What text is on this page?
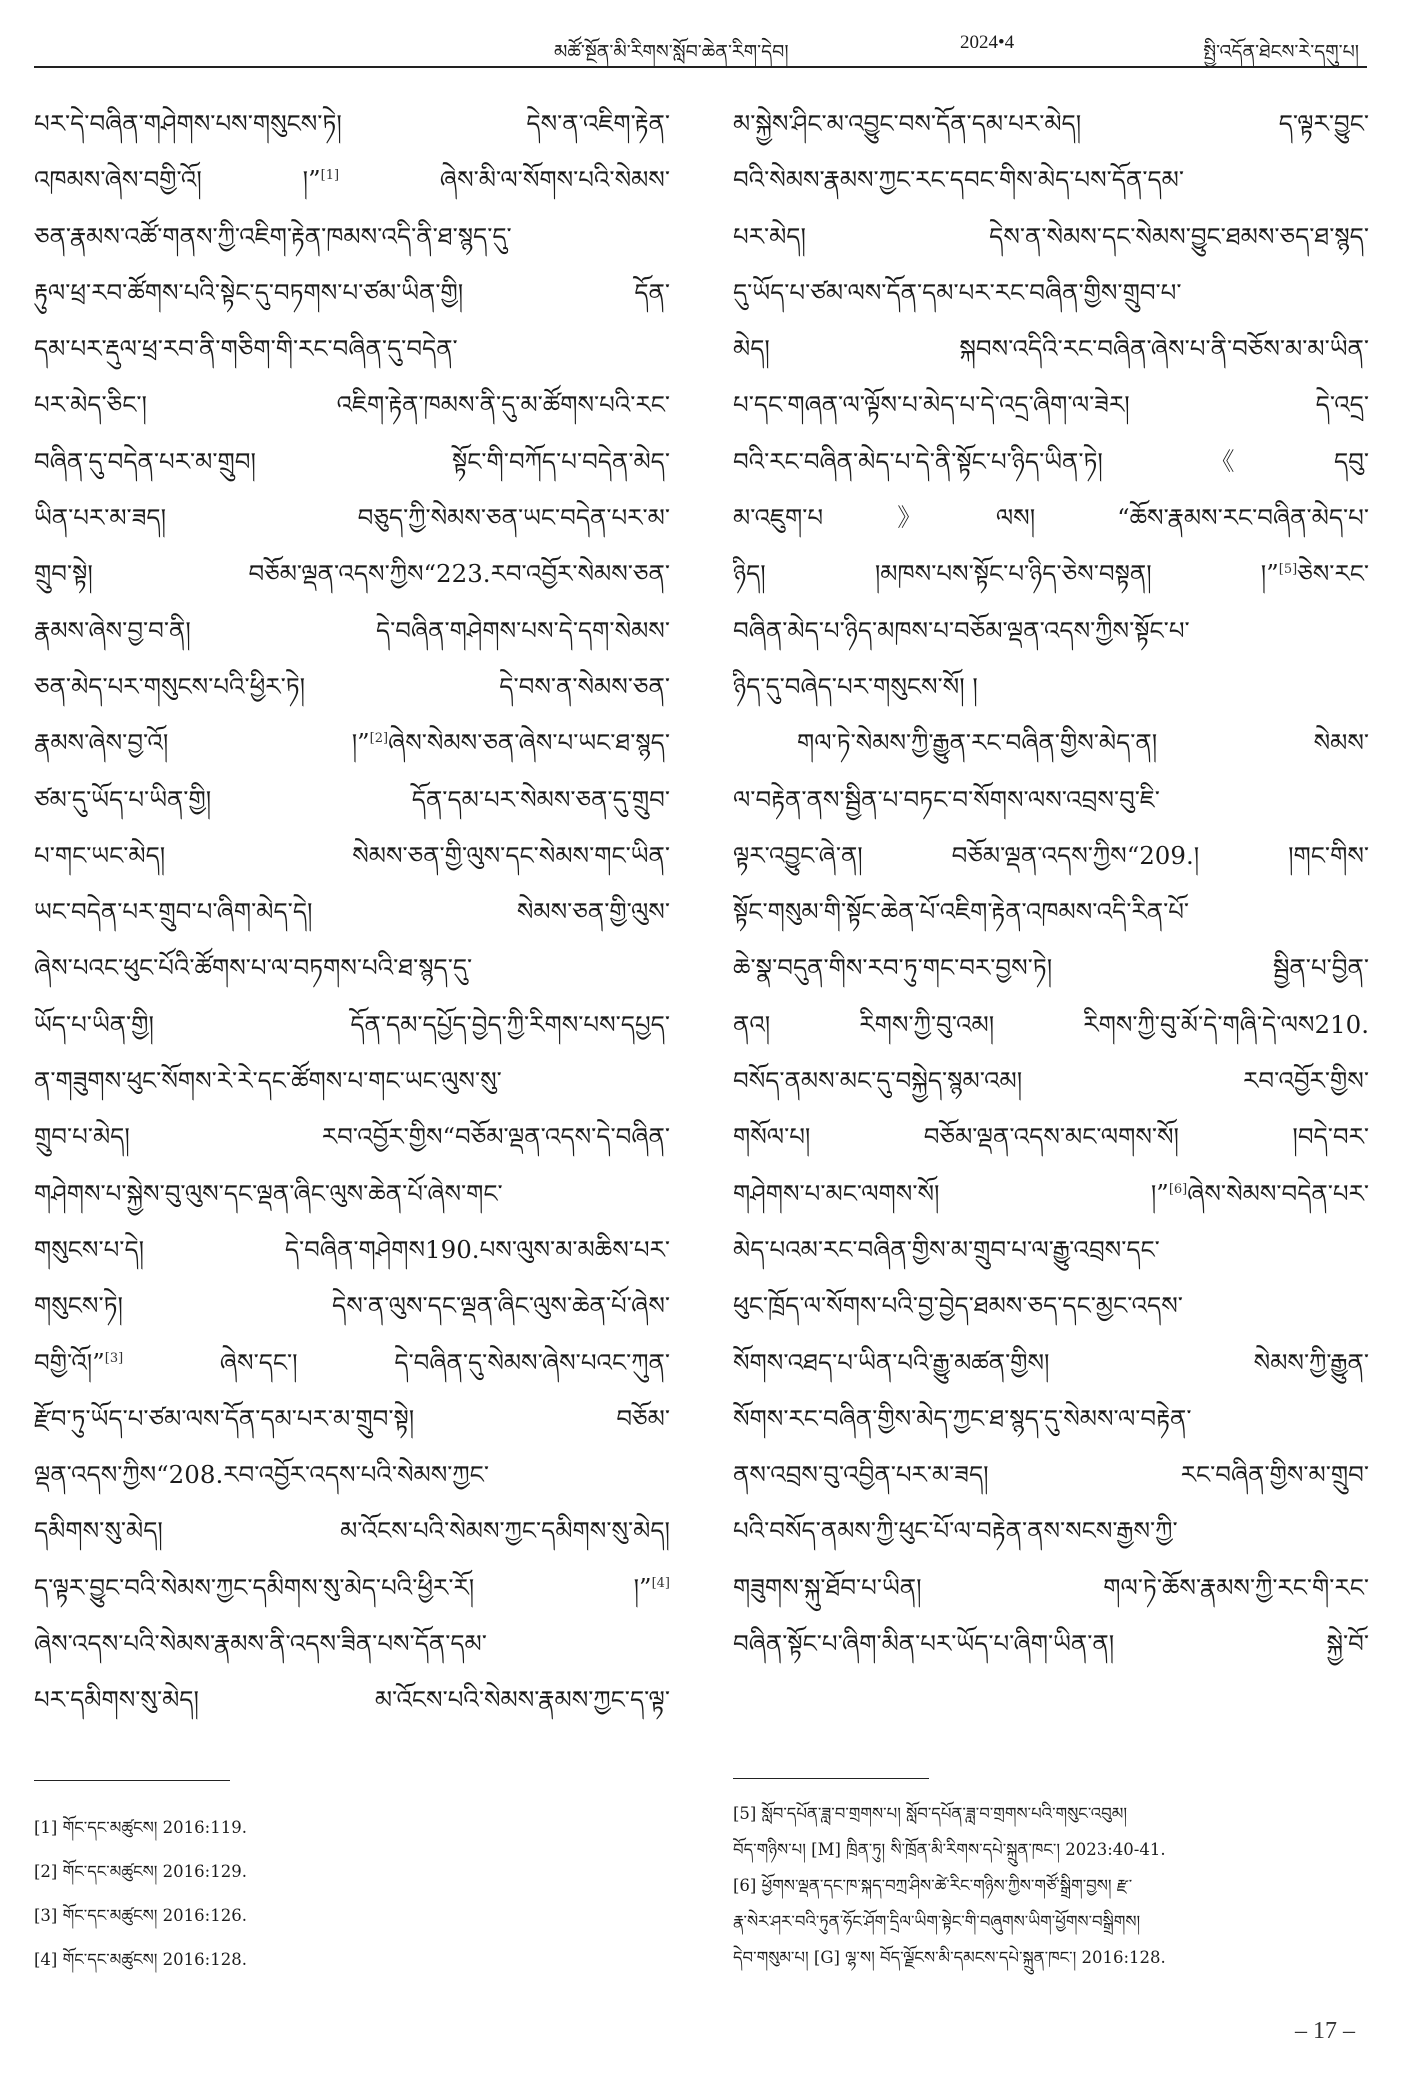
མཚོ་སྔོན་མི་རིགས་སློབ་ཆེན་རིག་དེབ།	2024•4	སྤྱི་འདོན་ཐེངས་རེ་དགུ་པ།
པར་དེ་བཞིན་གཤེགས་པས་གསུངས་ཏེ། དེས་ན་འཇིག་རྟེན་
འཁམས་ཞེས་བགྱི་འོ། །”[1] ཞེས་མི་ལ་སོགས་པའི་སེམས་
ཅན་རྣམས་འཚོ་གནས་ཀྱི་འཇིག་རྟེན་ཁམས་འདི་ནི་ཐ་སྙད་དུ་
རྟུལ་ཕྲ་རབ་ཚོགས་པའི་སྟེང་དུ་བཏགས་པ་ཙམ་ཡིན་གྱི། དོན་
དམ་པར་རྡུལ་ཕྲ་རབ་ནི་གཅིག་གི་རང་བཞིན་དུ་བདེན་
པར་མེད་ཅིང་། འཇིག་རྟེན་ཁམས་ནི་དུ་མ་ཚོགས་པའི་རང་
བཞིན་དུ་བདེན་པར་མ་གྲུབ། སྟོང་གི་བཀོད་པ་བདེན་མེད་
ཡིན་པར་མ་ཟད། བཅུད་ཀྱི་སེམས་ཅན་ཡང་བདེན་པར་མ་
གྲུབ་སྟེ། བཅོམ་ལྡན་འདས་ཀྱིས“223.རབ་འབྱོར་སེམས་ཅན་
རྣམས་ཞེས་བྱ་བ་ནི། དེ་བཞིན་གཤེགས་པས་དེ་དག་སེམས་
ཅན་མེད་པར་གསུངས་པའི་ཕྱིར་ཏེ། དེ་བས་ན་སེམས་ཅན་
རྣམས་ཞེས་བྱ་འོ། །”[2]ཞེས་སེམས་ཅན་ཞེས་པ་ཡང་ཐ་སྙད་
ཙམ་དུ་ཡོད་པ་ཡིན་གྱི། དོན་དམ་པར་སེམས་ཅན་དུ་གྲུབ་
པ་གང་ཡང་མེད། སེམས་ཅན་གྱི་ལུས་དང་སེམས་གང་ཡིན་
ཡང་བདེན་པར་གྲུབ་པ་ཞིག་མེད་དེ། སེམས་ཅན་གྱི་ལུས་
ཞེས་པའང་ཕུང་པོའི་ཚོགས་པ་ལ་བཏགས་པའི་ཐ་སྙད་དུ་
ཡོད་པ་ཡིན་གྱི། དོན་དམ་དཔྱོད་བྱེད་ཀྱི་རིགས་པས་དཔྱད་
ན་གཟུགས་ཕུང་སོགས་རེ་རེ་དང་ཚོགས་པ་གང་ཡང་ལུས་སུ་
གྲུབ་པ་མེད། རབ་འབྱོར་གྱིས“བཅོམ་ལྡན་འདས་དེ་བཞིན་
གཤེགས་པ་སྐྱེས་བུ་ལུས་དང་ལྡན་ཞིང་ལུས་ཆེན་པོ་ཞེས་གང་
གསུངས་པ་དེ། དེ་བཞིན་གཤེགས190.པས་ལུས་མ་མཆིས་པར་
གསུངས་ཏེ། དེས་ན་ལུས་དང་ལྡན་ཞིང་ལུས་ཆེན་པོ་ཞེས་
བགྱི་འོ།”[3] ཞེས་དང་། དེ་བཞིན་དུ་སེམས་ཞེས་པའང་ཀུན་
རྫོབ་ཏུ་ཡོད་པ་ཙམ་ལས་དོན་དམ་པར་མ་གྲུབ་སྟེ། བཅོམ་
ལྡན་འདས་ཀྱིས“208.རབ་འབྱོར་འདས་པའི་སེམས་ཀྱང་
དམིགས་སུ་མེད། མ་འོངས་པའི་སེམས་ཀྱང་དམིགས་སུ་མེད།
ད་ལྟར་བྱུང་བའི་སེམས་ཀྱང་དམིགས་སུ་མེད་པའི་ཕྱིར་རོ། །”[4]
ཞེས་འདས་པའི་སེམས་རྣམས་ནི་འདས་ཟིན་པས་དོན་དམ་
པར་དམིགས་སུ་མེད། མ་འོངས་པའི་སེམས་རྣམས་ཀྱང་ད་ལྟ་
མ་སྐྱེས་ཤིང་མ་འབྱུང་བས་དོན་དམ་པར་མེད། ད་ལྟར་བྱུང་
བའི་སེམས་རྣམས་ཀྱང་རང་དབང་གིས་མེད་པས་དོན་དམ་
པར་མེད། དེས་ན་སེམས་དང་སེམས་བྱུང་ཐམས་ཅད་ཐ་སྙད་
དུ་ཡོད་པ་ཙམ་ལས་དོན་དམ་པར་རང་བཞིན་གྱིས་གྲུབ་པ་
མེད། སྐབས་འདིའི་རང་བཞིན་ཞེས་པ་ནི་བཅོས་མ་མ་ཡིན་
པ་དང་གཞན་ལ་ལྟོས་པ་མེད་པ་དེ་འདྲ་ཞིག་ལ་ཟེར། དེ་འདྲ་
བའི་རང་བཞིན་མེད་པ་དེ་ནི་སྟོང་པ་ཉིད་ཡིན་ཏེ། 《དབུ་
མ་འཇུག་པ》ལས། “ཆོས་རྣམས་རང་བཞིན་མེད་པ་
ཉིད། །མཁས་པས་སྟོང་པ་ཉིད་ཅེས་བསྟན། །”[5]ཅེས་རང་
བཞིན་མེད་པ་ཉིད་མཁས་པ་བཅོམ་ལྡན་འདས་ཀྱིས་སྟོང་པ་
ཉིད་དུ་བཞེད་པར་གསུངས་སོ། །
གལ་ཏེ་སེམས་ཀྱི་རྒྱུན་རང་བཞིན་གྱིས་མེད་ན། སེམས་
ལ་བརྟེན་ནས་སྦྱིན་པ་བཏང་བ་སོགས་ལས་འབྲས་བུ་ཇི་
ལྟར་འབྱུང་ཞེ་ན། བཅོམ་ལྡན་འདས་ཀྱིས“209.། །གང་གིས་
སྟོང་གསུམ་གི་སྟོང་ཆེན་པོ་འཇིག་རྟེན་འཁམས་འདི་རིན་པོ་
ཆེ་སྣ་བདུན་གིས་རབ་ཏུ་གང་བར་བྱས་ཏེ། སྦྱིན་པ་བྱིན་
ནའ། རིགས་ཀྱི་བུ་འམ། རིགས་ཀྱི་བུ་མོ་དེ་གཞི་དེ་ལས210.
བསོད་ནམས་མང་དུ་བསྐྱེད་སྙམ་འམ། རབ་འབྱོར་གྱིས་
གསོལ་པ། བཅོམ་ལྡན་འདས་མང་ལགས་སོ། །བདེ་བར་
གཤེགས་པ་མང་ལགས་སོ། །”[6]ཞེས་སེམས་བདེན་པར་
མེད་པའམ་རང་བཞིན་གྱིས་མ་གྲུབ་པ་ལ་རྒྱུ་འབྲས་དང་
ཕུང་ཁྲོད་ལ་སོགས་པའི་བྱ་བྱེད་ཐམས་ཅད་དང་མྱང་འདས་
སོགས་འཐད་པ་ཡིན་པའི་རྒྱུ་མཚན་གྱིས། སེམས་ཀྱི་རྒྱུན་
སོགས་རང་བཞིན་གྱིས་མེད་ཀྱང་ཐ་སྙད་དུ་སེམས་ལ་བརྟེན་
ནས་འབྲས་བུ་འབྱིན་པར་མ་ཟད། རང་བཞིན་གྱིས་མ་གྲུབ་
པའི་བསོད་ནམས་ཀྱི་ཕུང་པོ་ལ་བརྟེན་ནས་སངས་རྒྱས་ཀྱི་
གཟུགས་སྐུ་ཐོབ་པ་ཡིན། གལ་ཏེ་ཆོས་རྣམས་ཀྱི་རང་གི་རང་
བཞིན་སྟོང་པ་ཞིག་མིན་པར་ཡོད་པ་ཞིག་ཡིན་ན། སྐྱེ་བོ་
[1] གོང་དང་མཚུངས། 2016:119.
[2] གོང་དང་མཚུངས། 2016:129.
[3] གོང་དང་མཚུངས། 2016:126.
[4] གོང་དང་མཚུངས། 2016:128.
[5] སློབ་དཔོན་ཟླ་བ་གྲགས་པ། སློབ་དཔོན་ཟླ་བ་གྲགས་པའི་གསུང་འབུམ།
བོད་གཉིས་པ། [M] ཁྲིན་ཏུ། སི་ཁྲོན་མི་རིགས་དཔེ་སྐྲུན་ཁང་། 2023:40-41.
[6] ཕྱོགས་ལྡན་དང་ཁ་སྐད་བཀྲ་ཤིས་ཚེ་རིང་གཉིས་ཀྱིས་གཙོ་སྒྲིག་བྱས། རྫ་
རྣ་སེར་ཤར་བའི་ཏུན་ཧོང་ཤོག་དྲིལ་ཡིག་སྟེང་གི་བཞུགས་ཡིག་ཕྱོགས་བསྒྲིགས།
དེབ་གསུམ་པ། [G] ལྷ་ས། བོད་ལྗོངས་མི་དམངས་དཔེ་སྐྲུན་ཁང་། 2016:128.
– 17 –
